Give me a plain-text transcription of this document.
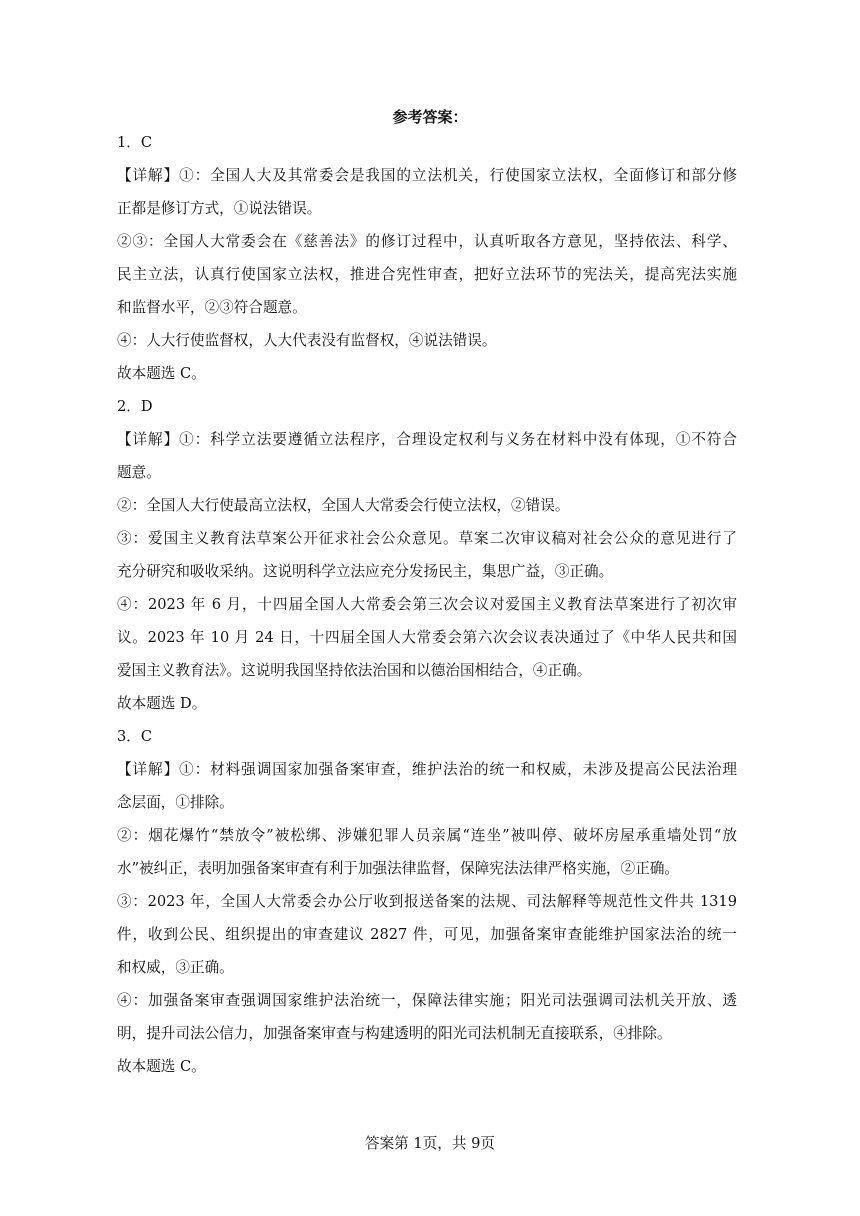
参考答案：
1．C
【详解】①：全国人大及其常委会是我国的立法机关，行使国家立法权，全面修订和部分修
正都是修订方式，①说法错误。
②③：全国人大常委会在《慈善法》的修订过程中，认真听取各方意见，坚持依法、科学、
民主立法，认真行使国家立法权，推进合宪性审查，把好立法环节的宪法关，提高宪法实施
和监督水平，②③符合题意。
④：人大行使监督权，人大代表没有监督权，④说法错误。
故本题选 C。
2．D
【详解】①：科学立法要遵循立法程序，合理设定权利与义务在材料中没有体现，①不符合
题意。
②：全国人大行使最高立法权，全国人大常委会行使立法权，②错误。
③：爱国主义教育法草案公开征求社会公众意见。草案二次审议稿对社会公众的意见进行了
充分研究和吸收采纳。这说明科学立法应充分发扬民主，集思广益，③正确。
④：2023 年 6 月，十四届全国人大常委会第三次会议对爱国主义教育法草案进行了初次审
议。2023 年 10 月 24 日，十四届全国人大常委会第六次会议表决通过了《中华人民共和国
爱国主义教育法》。这说明我国坚持依法治国和以德治国相结合，④正确。
故本题选 D。
3．C
【详解】①：材料强调国家加强备案审查，维护法治的统一和权威，未涉及提高公民法治理
念层面，①排除。
②：烟花爆竹“禁放令”被松绑、涉嫌犯罪人员亲属“连坐”被叫停、破坏房屋承重墙处罚“放
水”被纠正，表明加强备案审查有利于加强法律监督，保障宪法法律严格实施，②正确。
③：2023 年，全国人大常委会办公厅收到报送备案的法规、司法解释等规范性文件共 1319
件，收到公民、组织提出的审查建议 2827 件，可见，加强备案审查能维护国家法治的统一
和权威，③正确。
④：加强备案审查强调国家维护法治统一，保障法律实施；阳光司法强调司法机关开放、透
明，提升司法公信力，加强备案审查与构建透明的阳光司法机制无直接联系，④排除。
故本题选 C。
答案第 1页，共 9页
